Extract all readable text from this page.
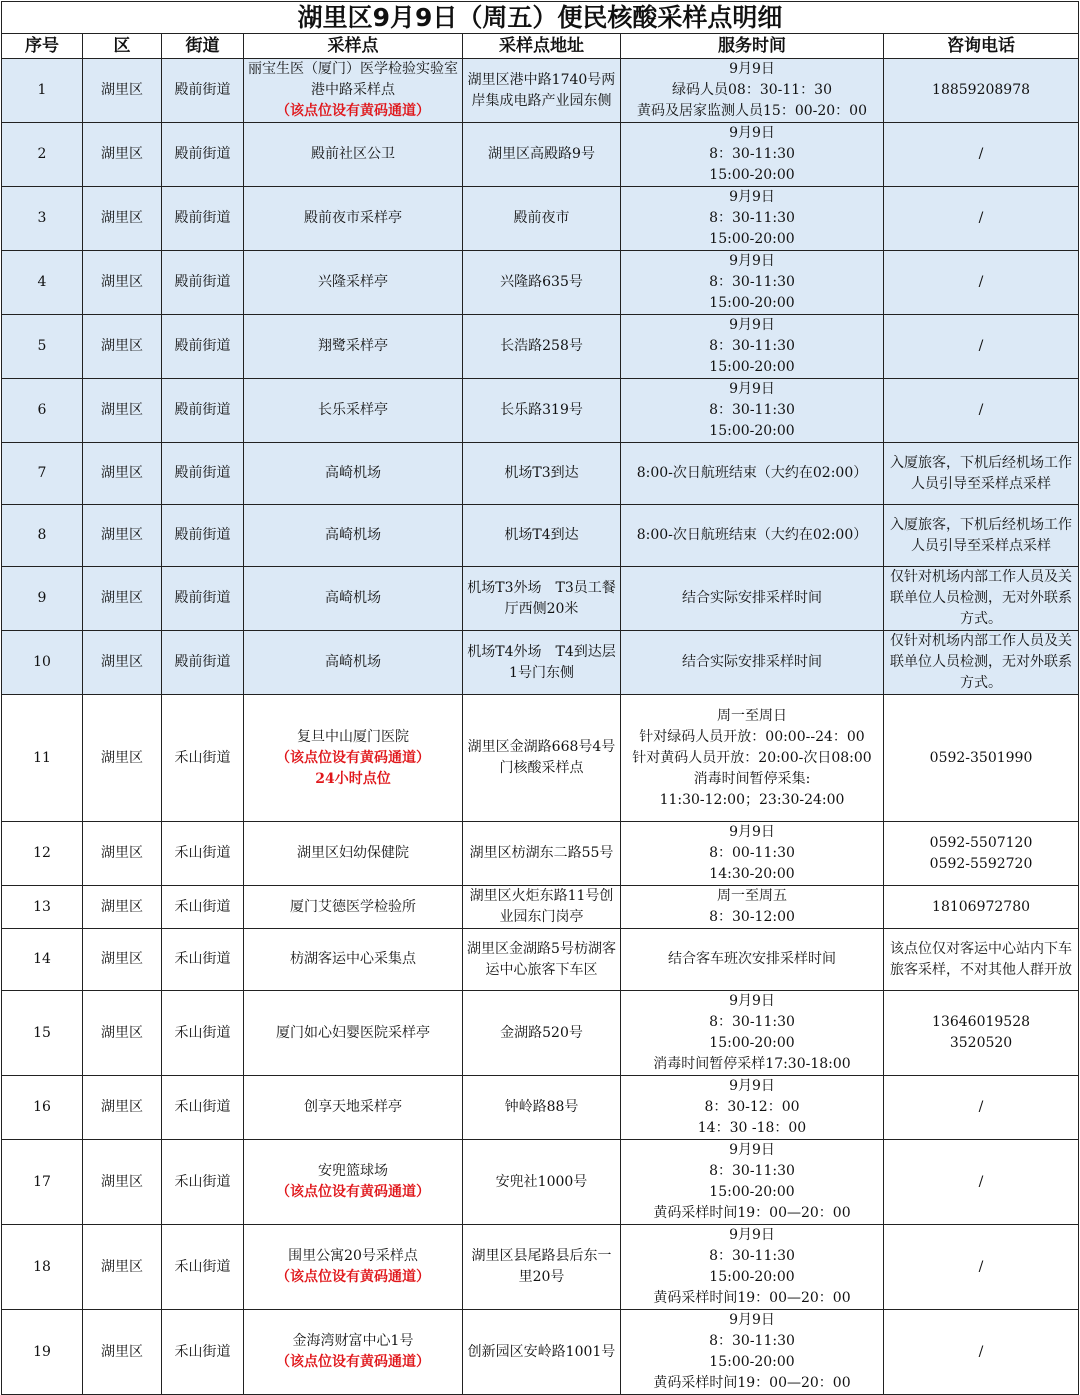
湖里区9月9日（周五）便民核酸采样点明细						
序号	区	街道	采样点	采样点地址	服务时间	咨询电话
1	湖里区	殿前街道	丽宝生医（厦门）医学检验实验室港中路采样点
（该点位设有黄码通道）	湖里区港中路1740号两岸集成电路产业园东侧	9月9日
绿码人员08：30-11：30
黄码及居家监测人员15：00-20：00	18859208978

2	湖里区	殿前街道	殿前社区公卫	湖里区高殿路9号	9月9日
8：30-11:30
15:00-20:00	/

3	湖里区	殿前街道	殿前夜市采样亭	殿前夜市	9月9日
8：30-11:30
15:00-20:00	/

4	湖里区	殿前街道	兴隆采样亭	兴隆路635号	9月9日
8：30-11:30
15:00-20:00	/

5	湖里区	殿前街道	翔鹭采样亭	长浩路258号	9月9日
8：30-11:30
15:00-20:00	/

6	湖里区	殿前街道	长乐采样亭	长乐路319号	9月9日
8：30-11:30
15:00-20:00	/

7	湖里区	殿前街道	高崎机场	机场T3到达	8:00-次日航班结束（大约在02:00）	入厦旅客，下机后经机场工作人员引导至采样点采样

8	湖里区	殿前街道	高崎机场	机场T4到达	8:00-次日航班结束（大约在02:00）	入厦旅客，下机后经机场工作人员引导至采样点采样

9	湖里区	殿前街道	高崎机场	机场T3外场　T3员工餐厅西侧20米	结合实际安排采样时间	仅针对机场内部工作人员及关联单位人员检测，无对外联系方式。

10	湖里区	殿前街道	高崎机场	机场T4外场　T4到达层1号门东侧	结合实际安排采样时间	仅针对机场内部工作人员及关联单位人员检测，无对外联系方式。

11	湖里区	禾山街道	复旦中山厦门医院
（该点位设有黄码通道）
24小时点位	湖里区金湖路668号4号门核酸采样点	周一至周日
针对绿码人员开放：00:00--24：00
针对黄码人员开放：20:00-次日08:00
消毒时间暂停采集:
11:30-12:00；23:30-24:00	0592-3501990

12	湖里区	禾山街道	湖里区妇幼保健院	湖里区枋湖东二路55号	9月9日
8：00-11:30
14:30-20:00	0592-5507120
0592-5592720

13	湖里区	禾山街道	厦门艾德医学检验所	湖里区火炬东路11号创业园东门岗亭	周一至周五
8：30-12:00	18106972780

14	湖里区	禾山街道	枋湖客运中心采集点	湖里区金湖路5号枋湖客运中心旅客下车区	结合客车班次安排采样时间	该点位仅对客运中心站内下车旅客采样，不对其他人群开放

15	湖里区	禾山街道	厦门如心妇婴医院采样亭	金湖路520号	9月9日
8：30-11:30
15:00-20:00
消毒时间暂停采样17:30-18:00	13646019528
3520520

16	湖里区	禾山街道	创享天地采样亭	钟岭路88号	9月9日
8：30-12：00
14：30 -18：00	/

17	湖里区	禾山街道	安兜篮球场
（该点位设有黄码通道）	安兜社1000号	9月9日
8：30-11:30
15:00-20:00
黄码采样时间19：00—20：00	/

18	湖里区	禾山街道	围里公寓20号采样点
（该点位设有黄码通道）	湖里区县尾路县后东一里20号	9月9日
8：30-11:30
15:00-20:00
黄码采样时间19：00—20：00	/

19	湖里区	禾山街道	金海湾财富中心1号
（该点位设有黄码通道）	创新园区安岭路1001号	9月9日
8：30-11:30
15:00-20:00
黄码采样时间19：00—20：00	/
